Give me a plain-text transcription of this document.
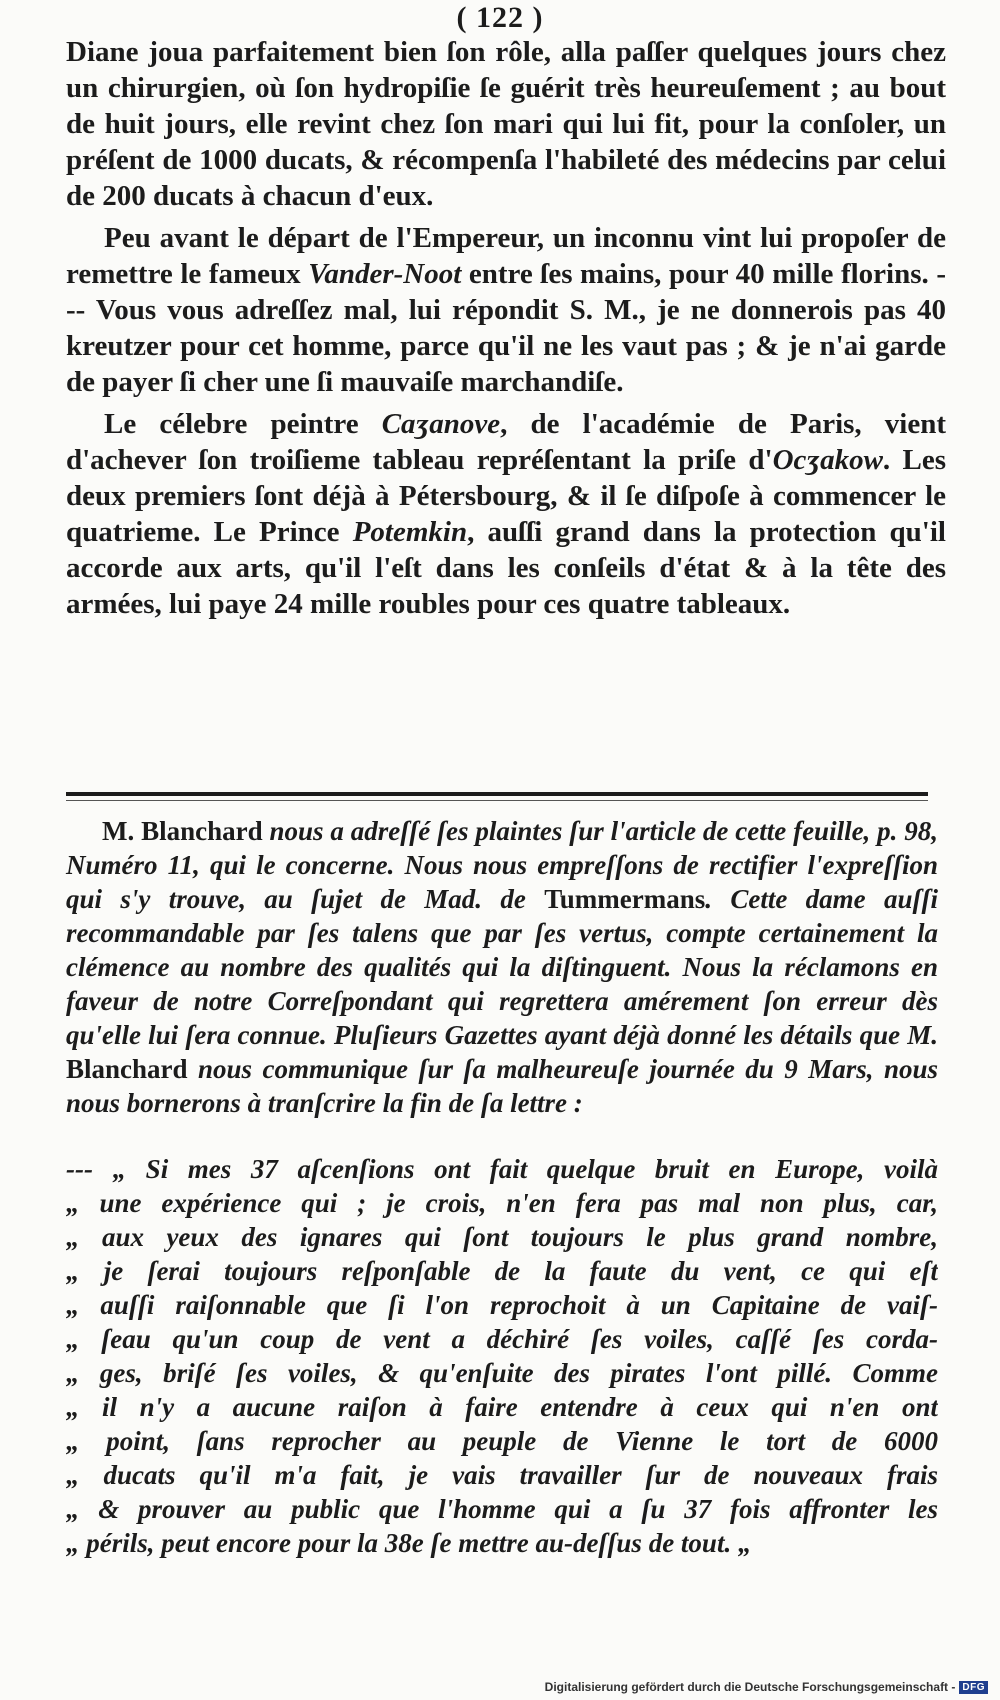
( 122 )

Diane joua parfaitement bien ſon rôle, alla paſſer quelques jours chez un chirurgien, où ſon hydropiſie ſe guérit très heureuſement ; au bout de huit jours, elle revint chez ſon mari qui lui fit, pour la conſoler, un préſent de 1000 ducats, & récompenſa l'habileté des médecins par celui de 200 ducats à chacun d'eux.

Peu avant le départ de l'Empereur, un inconnu vint lui propoſer de remettre le fameux Vander-Noot entre ſes mains, pour 40 mille florins. --- Vous vous adreſſez mal, lui répondit S. M., je ne donnerois pas 40 kreutzer pour cet homme, parce qu'il ne les vaut pas ; & je n'ai garde de payer ſi cher une ſi mauvaiſe marchandiſe.

Le célebre peintre Caʒanove, de l'académie de Paris, vient d'achever ſon troiſieme tableau repréſentant la priſe d'Ocʒakow. Les deux premiers ſont déjà à Pétersbourg, & il ſe diſpoſe à commencer le quatrieme. Le Prince Potemkin, auſſi grand dans la protection qu'il accorde aux arts, qu'il l'eſt dans les conſeils d'état & à la tête des armées, lui paye 24 mille roubles pour ces quatre tableaux.

M. Blanchard nous a adreſſé ſes plaintes ſur l'article de cette feuille, p. 98, Numéro 11, qui le concerne. Nous nous empreſſons de rectifier l'expreſſion qui s'y trouve, au ſujet de Mad. de Tummermans. Cette dame auſſi recommandable par ſes talens que par ſes vertus, compte certainement la clémence au nombre des qualités qui la diſtinguent. Nous la réclamons en faveur de notre Correſpondant qui regrettera amérement ſon erreur dès qu'elle lui ſera connue. Pluſieurs Gazettes ayant déjà donné les détails que M. Blanchard nous communique ſur ſa malheureuſe journée du 9 Mars, nous nous bornerons à tranſcrire la fin de ſa lettre :
--- „ Si mes 37 aſcenſions ont fait quelque bruit en Europe, voilà
„ une expérience qui ; je crois, n'en fera pas mal non plus, car,
„ aux yeux des ignares qui ſont toujours le plus grand nombre,
„ je ſerai toujours reſponſable de la faute du vent, ce qui eſt
„ auſſi raiſonnable que ſi l'on reprochoit à un Capitaine de vaiſ-
„ ſeau qu'un coup de vent a déchiré ſes voiles, caſſé ſes corda-
„ ges, briſé ſes voiles, & qu'enſuite des pirates l'ont pillé. Comme
„ il n'y a aucune raiſon à faire entendre à ceux qui n'en ont
„ point, ſans reprocher au peuple de Vienne le tort de 6000
„ ducats qu'il m'a fait, je vais travailler ſur de nouveaux frais
„ & prouver au public que l'homme qui a ſu 37 fois affronter les
„ périls, peut encore pour la 38e ſe mettre au-deſſus de tout. „
Digitalisierung gefördert durch die Deutsche Forschungsgemeinschaft - DFG
